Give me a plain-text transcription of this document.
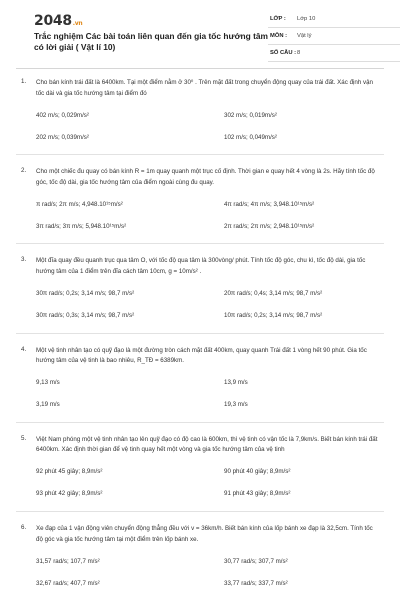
2048.vn
Trắc nghiệm Các bài toán liên quan đến gia tốc hướng tâm có lời giải ( Vật lí 10)
LỚP :	Lớp 10
MÔN :	Vật lý
SỐ CÂU : 8
1. Cho bán kính trái đất là 6400km. Tại một điểm nằm ở 30⁰ . Trên mặt đất trong chuyển động quay của trái đất. Xác định vận tốc dài và gia tốc hướng tâm tại điểm đó
402 m/s; 0,029m/s²	302 m/s; 0,019m/s²
202 m/s; 0,039m/s²	102 m/s; 0,049m/s²
2. Cho một chiếc đu quay có bán kính R = 1m quay quanh một trục cố định. Thời gian e quay hết 4 vòng là 2s. Hãy tính tốc độ góc, tốc độ dài, gia tốc hướng tâm của điểm ngoài cùng đu quay.
π rad/s; 2π m/s; 4,948.10¹⁵m/s²	4π rad/s; 4π m/s; 3,948.10¹⁵m/s²
3π rad/s; 3π m/s; 5,948.10¹⁵m/s²	2π rad/s; 2π m/s; 2,948.10¹⁵m/s²
3. Một đĩa quay đều quanh trục qua tâm O, với tốc độ qua tâm là 300vòng/ phút. Tính tốc độ góc, chu kì, tốc độ dài, gia tốc hướng tâm của 1 điểm trên đĩa cách tâm 10cm, g = 10m/s² .
30π rad/s; 0,2s; 3,14 m/s; 98,7 m/s²	20π rad/s; 0,4s; 3,14 m/s; 98,7 m/s²
30π rad/s; 0,3s; 3,14 m/s; 98,7 m/s²	10π rad/s; 0,2s; 3,14 m/s; 98,7 m/s²
4. Một vệ tinh nhân tạo có quỹ đạo là một đường tròn cách mặt đất 400km, quay quanh Trái đất 1 vòng hết 90 phút. Gia tốc hướng tâm của vệ tinh là bao nhiêu, R_TĐ = 6389km.
9,13 m/s	13,9 m/s
3,19 m/s	19,3 m/s
5. Việt Nam phóng một vệ tinh nhân tạo lên quỹ đạo có độ cao là 600km, thì vệ tinh có vận tốc là 7,9km/s. Biết bán kính trái đất 6400km. Xác định thời gian để vệ tinh quay hết một vòng và gia tốc hướng tâm của vệ tinh
92 phút 45 giây; 8,9m/s²	90 phút 40 giây; 8,9m/s²
93 phút 42 giây; 8,9m/s²	91 phút 43 giây; 8,9m/s²
6. Xe đạp của 1 vận động viên chuyển động thẳng đều với v = 36km/h. Biết bán kính của lốp bánh xe đạp là 32,5cm. Tính tốc độ góc và gia tốc hướng tâm tại một điểm trên lốp bánh xe.
31,57 rad/s; 107,7 m/s²	30,77 rad/s; 307,7 m/s²
32,67 rad/s; 407,7 m/s²	33,77 rad/s; 337,7 m/s²
